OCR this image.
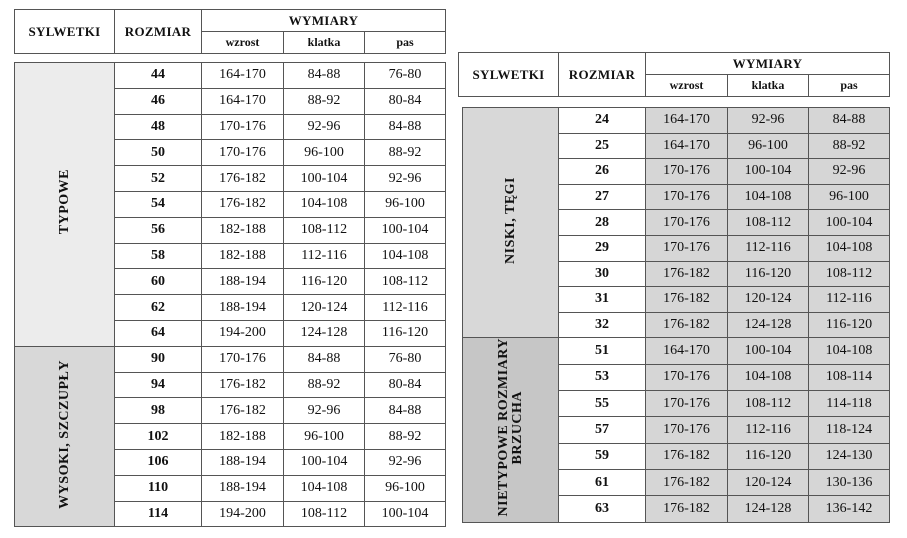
SYLWETKI	ROZMIAR	WYMIARY		
		wzrost	klatka	pas
TYPOWE	44	164-170	84-88	76-80
	46	164-170	88-92	80-84
	48	170-176	92-96	84-88
	50	170-176	96-100	88-92
	52	176-182	100-104	92-96
	54	176-182	104-108	96-100
	56	182-188	108-112	100-104
	58	182-188	112-116	104-108
	60	188-194	116-120	108-112
	62	188-194	120-124	112-116
	64	194-200	124-128	116-120

WYSOKI, SZCZUPŁY	90	170-176	84-88	76-80
	94	176-182	88-92	80-84
	98	176-182	92-96	84-88
	102	182-188	96-100	88-92
	106	188-194	100-104	92-96
	110	188-194	104-108	96-100
	114	194-200	108-112	100-104
SYLWETKI	ROZMIAR	WYMIARY		
		wzrost	klatka	pas
NISKI, TĘGI	24	164-170	92-96	84-88
	25	164-170	96-100	88-92
	26	170-176	100-104	92-96
	27	170-176	104-108	96-100
	28	170-176	108-112	100-104
	29	170-176	112-116	104-108
	30	176-182	116-120	108-112
	31	176-182	120-124	112-116
	32	176-182	124-128	116-120

NIETYPOWE ROZMIARY BRZUCHA	51	164-170	100-104	104-108
	53	170-176	104-108	108-114
	55	170-176	108-112	114-118
	57	170-176	112-116	118-124
	59	176-182	116-120	124-130
	61	176-182	120-124	130-136
	63	176-182	124-128	136-142
